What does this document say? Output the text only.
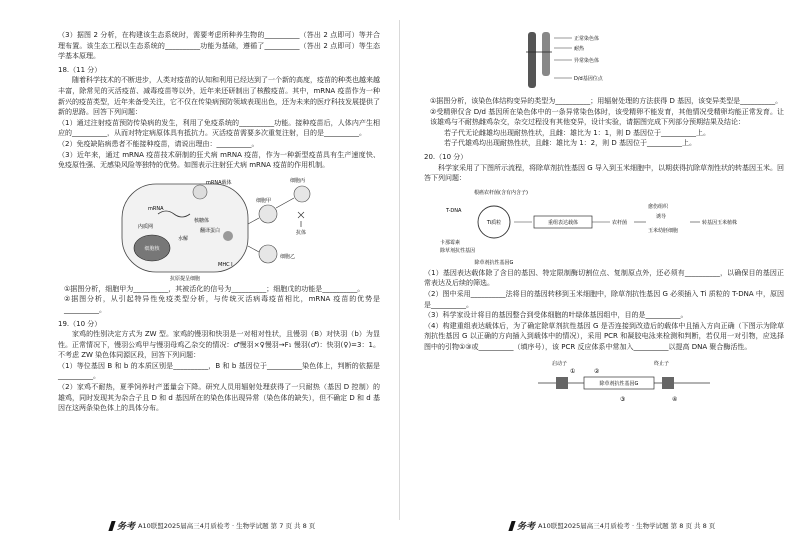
（3）据图 2 分析，在构建该生态系统时，需要考虑所种养生物的__________（答出 2 点即可）等并合理布置。该生态工程以生态系统的__________功能为基础，遵循了__________（答出 2 点即可）等生态学基本原理。

18.（11 分）

随着科学技术的不断进步，人类对疫苗的认知和利用已经达到了一个新的高度，疫苗的种类也越来越丰富，除常见的灭活疫苗、减毒疫苗等以外，近年来还研制出了核酸疫苗。其中，mRNA 疫苗作为一种新兴的疫苗类型，近年来备受关注，它不仅在传染病预防领域表现出色，还为未来的医疗科技发展提供了新的思路。回答下列问题：

（1）通过注射疫苗预防传染病的发生，利用了免疫系统的__________功能。接种疫苗后，人体内产生相应的__________，从而对特定病原体具有抵抗力。灭活疫苗需要多次重复注射，目的是__________。

（2）免疫缺陷病患者不能接种疫苗，请说出理由：__________。

（3）近年来，通过 mRNA 疫苗技术研制的狂犬病 mRNA 疫苗，作为一种新型疫苗具有生产速度快、免疫原性强、无感染风险等独特的优势。如图表示注射狂犬病 mRNA 疫苗的作用机制。

细胞核
mRNA载体
mRNA
内质网
核糖体
翻译蛋白
水解
MHC I
细胞甲
细胞乙
细胞丙
抗体
抗原提呈细胞

①据图分析，细胞甲为__________，其被活化的信号为__________；细胞戊的功能是__________。

②据图分析，从引起特异性免疫类型分析，与传统灭活病毒疫苗相比，mRNA 疫苗的优势是__________。

19.（10 分）

家鸡的性别决定方式为 ZW 型。家鸡的慢羽和快羽是一对相对性状，且慢羽（B）对快羽（b）为显性。正常情况下，慢羽公鸡甲与慢羽母鸡乙杂交的情况：♂慢羽×♀慢羽→F₁ 慢羽(♂)：快羽(♀)=3：1。不考虑 ZW 染色体同源区段，回答下列问题：

（1）等位基因 B 和 b 的本质区别是__________，B 和 b 基因位于__________染色体上，判断的依据是__________。

（2）家鸡不耐热，夏季饲养时产蛋量会下降。研究人员用辐射处理获得了一只耐热（基因 D 控制）的雄鸡，同时发现其为杂合子且 D 和 d 基因所在的染色体出现异常（染色体的缺失），但不确定 D 和 d 基因在这两条染色体上的具体分布。

务考 A10联盟2025届高三4月质检考 · 生物学试题 第 7 页 共 8 页
正常染色体
耐热
异常染色体
D/d基因位点

①据图分析，该染色体结构变异的类型为__________；用辐射处理的方法获得 D 基因，该变异类型是__________。

②受精卵仅含 D/d 基因所在染色体中的一条异常染色体时，该受精卵不能发育，其他情况受精卵均能正常发育。让该雄鸡与不耐热雌鸡杂交，杂交过程没有其他变异，设计实验，请据图完成下列部分预期结果及结论：

若子代无论雌雄均出现耐热性状，且雌：雄比为 1：1，则 D 基因位于__________上。

若子代雄鸡均出现耐热性状，且雌：雄比为 1：2，则 D 基因位于__________上。

20.（10 分）

科学家采用了下图所示流程，将除草剂抗性基因 G 导入到玉米细胞中，以期获得抗除草剂性状的转基因玉米。回答下列问题：

根癌农杆菌(含有内含子)
Ti质粒
T-DNA
卡那霉素
除草剂抗性基因
重组表达载体	农杆菌
愈伤组织
诱导
玉米幼胚细胞
转基因玉米植株
除草剂抗性基因G

（1）基因表达载体除了含目的基因、特定限制酶切割位点、复制原点外，还必须有__________，以确保目的基因正常表达及后续的筛选。

（2）图中采用__________法将目的基因转移到玉米细胞中，除草剂抗性基因 G 必须插入 Ti 质粒的 T-DNA 中，原因是__________。

（3）科学家设计将目的基因整合到受体细胞的叶绿体基因组中，目的是__________。

（4）构建重组表达载体后，为了确定除草剂抗性基因 G 是否连接到改造后的载体中且插入方向正确（下图示为除草剂抗性基因 G 以正确的方向插入到载体中的情况），采用 PCR 和凝胶电泳来检测和判断，若仅用一对引物，应选择图中的引物①③或__________（填序号），该 PCR 反应体系中常加入__________以提高 DNA 聚合酶活性。

启动子	终止子
除草剂抗性基因G
①	②
③	④
务考 A10联盟2025届高三4月质检考 · 生物学试题 第 8 页 共 8 页
